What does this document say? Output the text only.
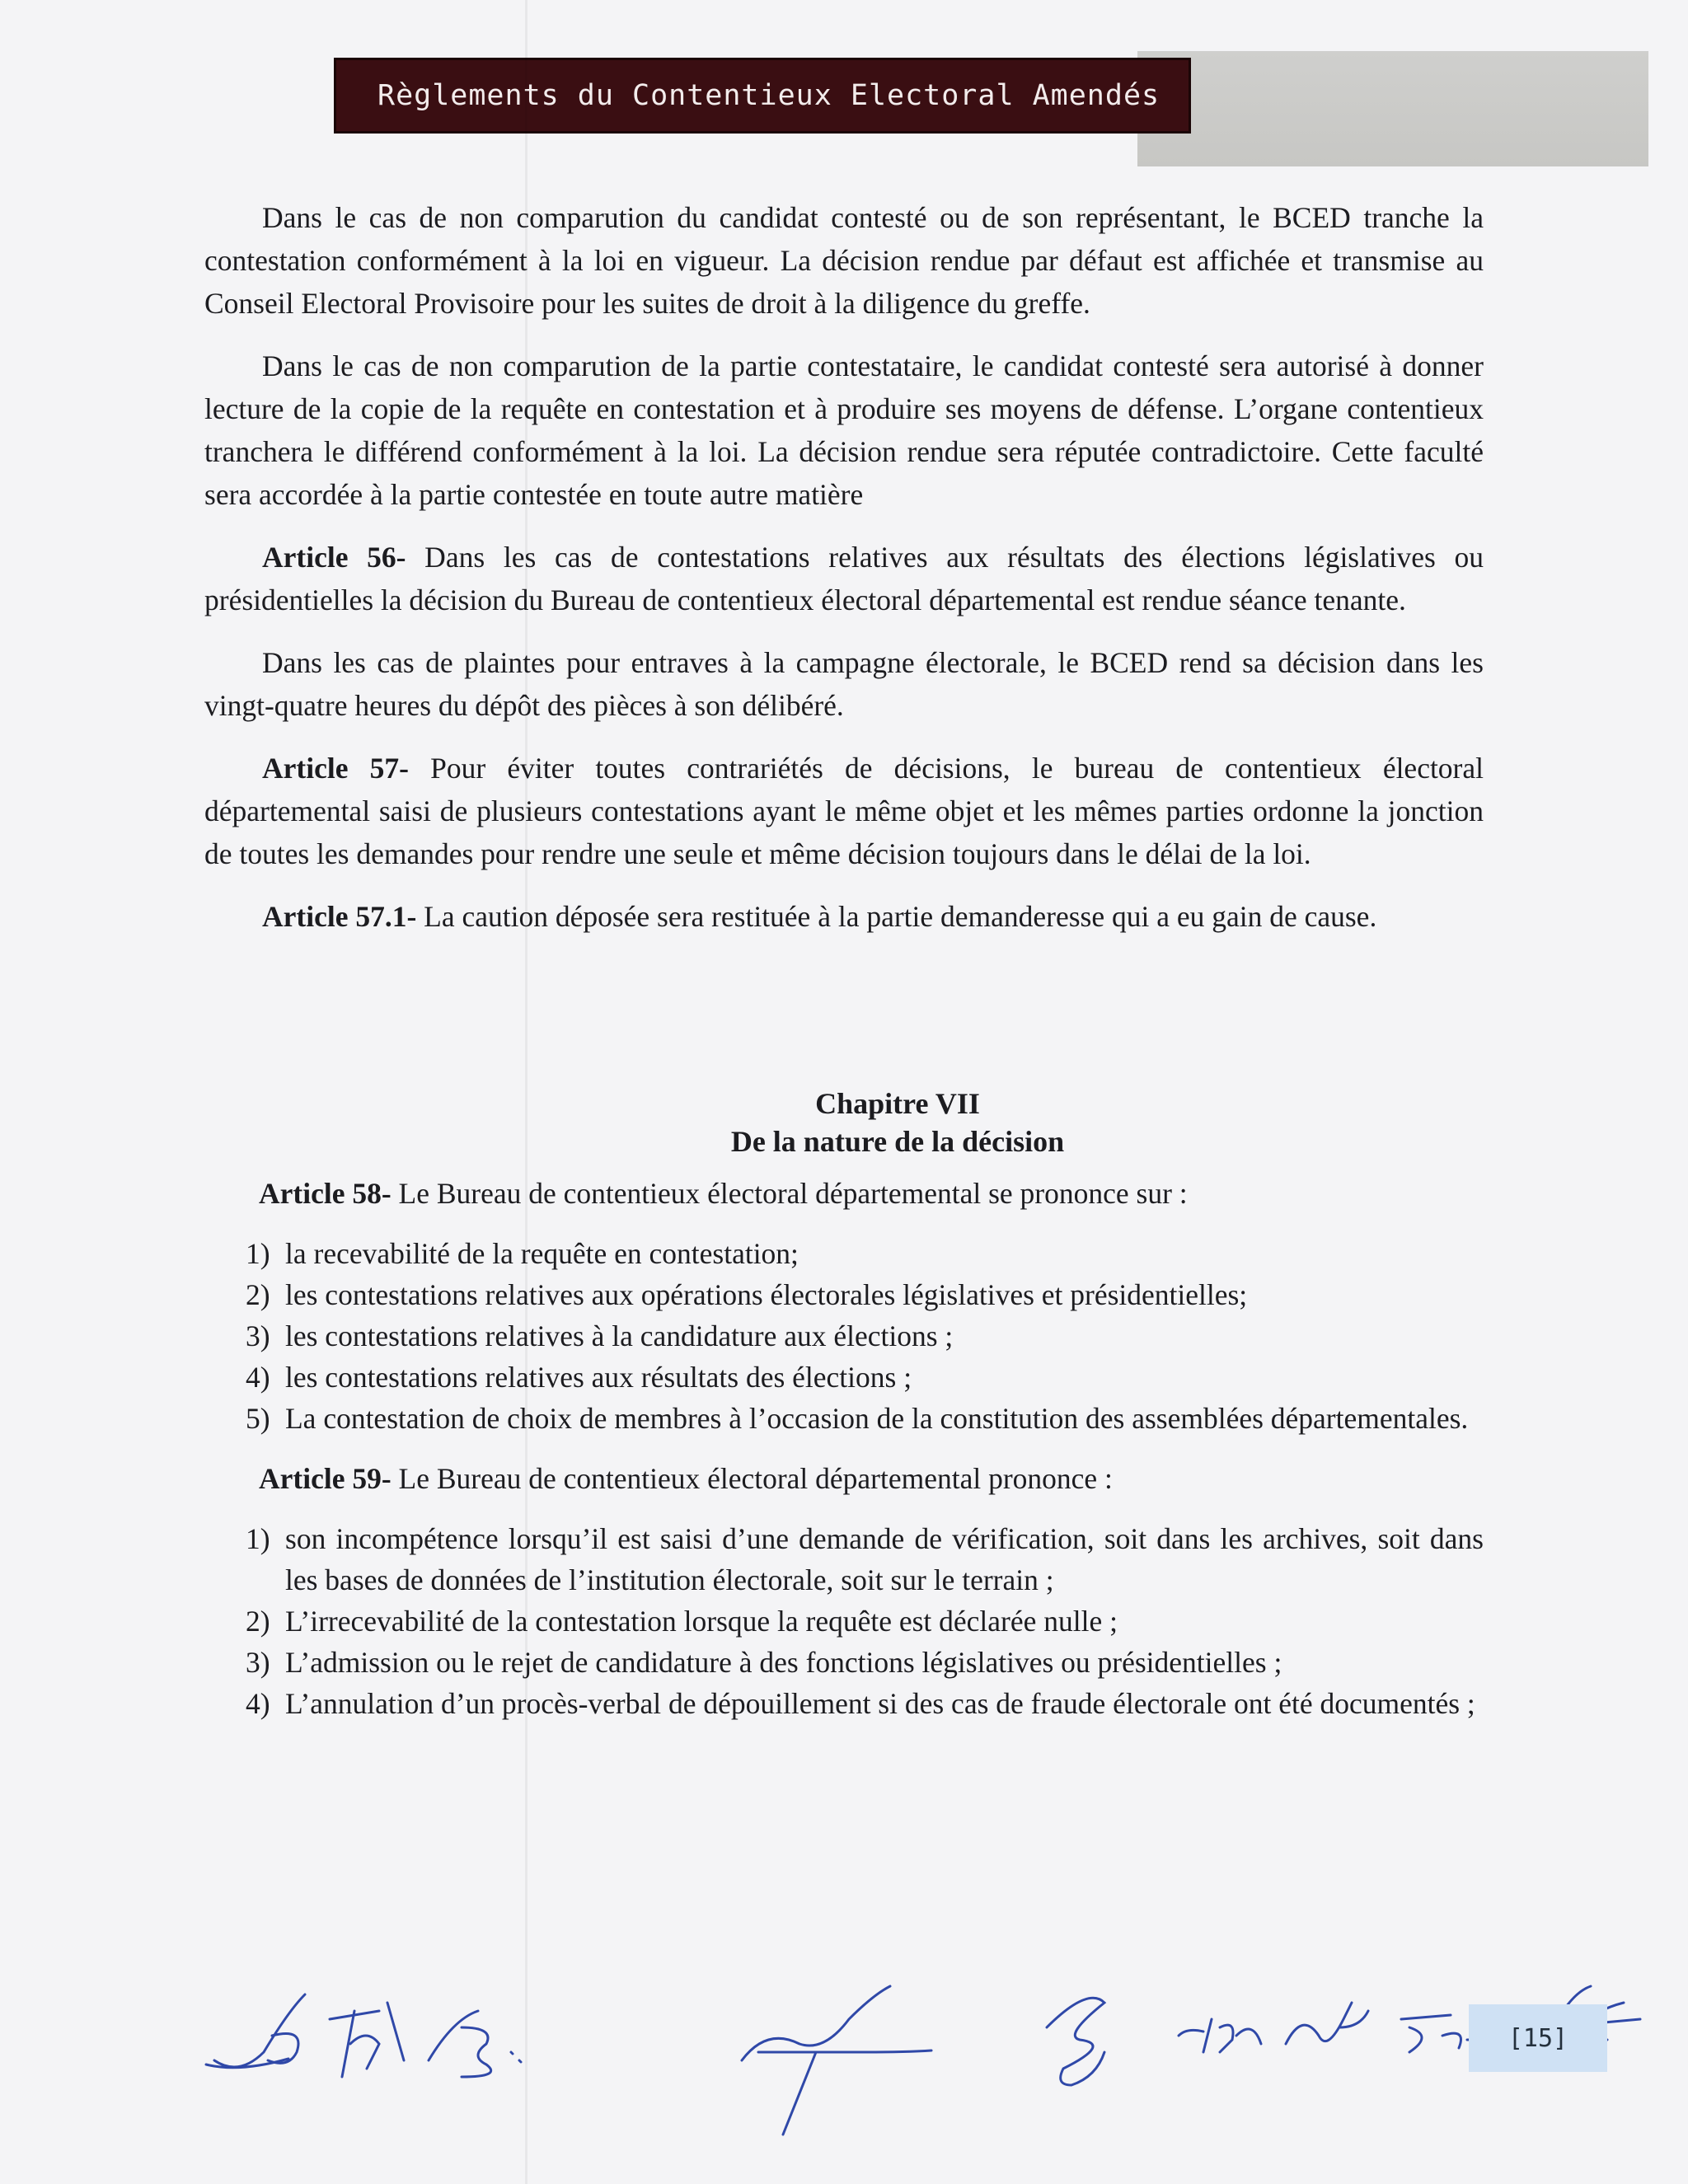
Règlements du Contentieux Electoral Amendés

Dans le cas de non comparution du candidat contesté ou de son représentant, le BCED tranche la contestation conformément à la loi en vigueur. La décision rendue par défaut est affichée et transmise au Conseil Electoral Provisoire pour les suites de droit à la diligence du greffe.

Dans le cas de non comparution de la partie contestataire, le candidat contesté sera autorisé à donner lecture de la copie de la requête en contestation et à produire ses moyens de défense. L’organe contentieux tranchera le différend conformément à la loi. La décision rendue sera réputée contradictoire. Cette faculté sera accordée à la partie contestée en toute autre matière

Article 56- Dans les cas de contestations relatives aux résultats des élections législatives ou présidentielles la décision du Bureau de contentieux électoral départemental est rendue séance tenante.

Dans les cas de plaintes pour entraves à la campagne électorale, le BCED rend sa décision dans les vingt-quatre heures du dépôt des pièces à son délibéré.

Article 57- Pour éviter toutes contrariétés de décisions, le bureau de contentieux électoral départemental saisi de plusieurs contestations ayant le même objet et les mêmes parties ordonne la jonction de toutes les demandes pour rendre une seule et même décision toujours dans le délai de la loi.

Article 57.1- La caution déposée sera restituée à la partie demanderesse qui a eu gain de cause.

Chapitre VII
De la nature de la décision
Article 58- Le Bureau de contentieux électoral départemental se prononce sur :
1) la recevabilité de la requête en contestation;
2) les contestations relatives aux opérations électorales législatives et présidentielles;
3) les contestations relatives à la candidature aux élections ;
4) les contestations relatives aux résultats des élections ;
5) La contestation de choix de membres à l’occasion de la constitution des assemblées départementales.
Article 59- Le Bureau de contentieux électoral départemental prononce :
1) son incompétence lorsqu’il est saisi d’une demande de vérification, soit dans les archives, soit dans les bases de données de l’institution électorale, soit sur le terrain ;
2) L’irrecevabilité de la contestation lorsque la requête est déclarée nulle ;
3) L’admission ou le rejet de candidature à des fonctions législatives ou présidentielles ;
4) L’annulation d’un procès-verbal de dépouillement si des cas de fraude électorale ont été documentés ;
[15]
